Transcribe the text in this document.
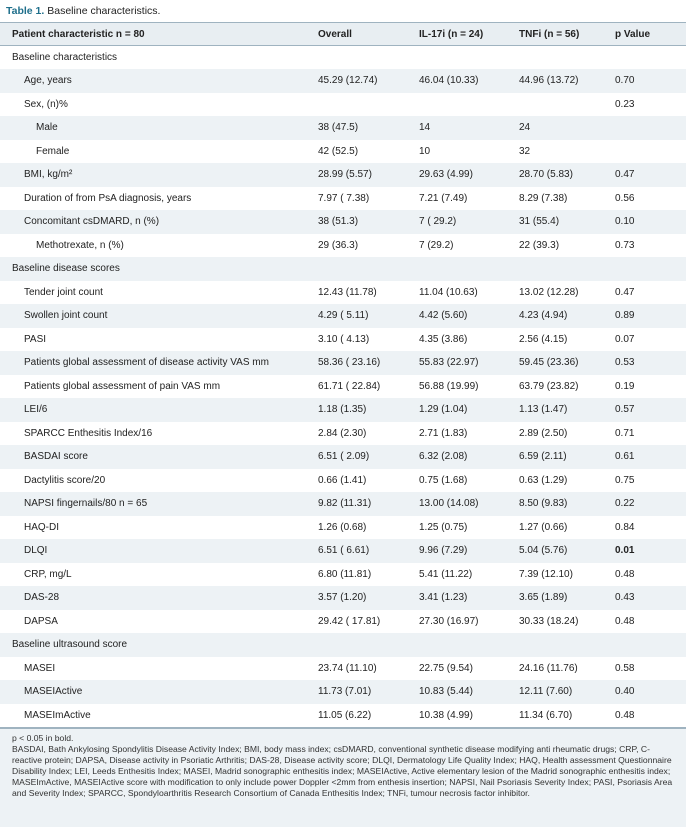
Table 1. Baseline characteristics.
Patient characteristic n = 80	Overall	IL-17i (n = 24)	TNFi (n = 56)	p Value
Baseline characteristics				
Age, years	45.29 (12.74)	46.04 (10.33)	44.96 (13.72)	0.70
Sex, (n)%				0.23
Male	38 (47.5)	14	24	
Female	42 (52.5)	10	32	
BMI, kg/m²	28.99 (5.57)	29.63 (4.99)	28.70 (5.83)	0.47
Duration of from PsA diagnosis, years	7.97 ( 7.38)	7.21 (7.49)	8.29 (7.38)	0.56
Concomitant csDMARD, n (%)	38 (51.3)	7 ( 29.2)	31 (55.4)	0.10
Methotrexate, n (%)	29 (36.3)	7 (29.2)	22 (39.3)	0.73
Baseline disease scores				
Tender joint count	12.43 (11.78)	11.04 (10.63)	13.02 (12.28)	0.47
Swollen joint count	4.29 ( 5.11)	4.42 (5.60)	4.23 (4.94)	0.89
PASI	3.10 ( 4.13)	4.35 (3.86)	2.56 (4.15)	0.07
Patients global assessment of disease activity VAS mm	58.36 ( 23.16)	55.83 (22.97)	59.45 (23.36)	0.53
Patients global assessment of pain VAS mm	61.71 ( 22.84)	56.88 (19.99)	63.79 (23.82)	0.19
LEI/6	1.18 (1.35)	1.29 (1.04)	1.13 (1.47)	0.57
SPARCC Enthesitis Index/16	2.84 (2.30)	2.71 (1.83)	2.89 (2.50)	0.71
BASDAI score	6.51 ( 2.09)	6.32 (2.08)	6.59 (2.11)	0.61
Dactylitis score/20	0.66 (1.41)	0.75 (1.68)	0.63 (1.29)	0.75
NAPSI fingernails/80 n = 65	9.82 (11.31)	13.00 (14.08)	8.50 (9.83)	0.22
HAQ-DI	1.26 (0.68)	1.25 (0.75)	1.27 (0.66)	0.84
DLQI	6.51 ( 6.61)	9.96 (7.29)	5.04 (5.76)	0.01
CRP, mg/L	6.80 (11.81)	5.41 (11.22)	7.39 (12.10)	0.48
DAS-28	3.57 (1.20)	3.41 (1.23)	3.65 (1.89)	0.43
DAPSA	29.42 ( 17.81)	27.30 (16.97)	30.33 (18.24)	0.48
Baseline ultrasound score				
MASEI	23.74 (11.10)	22.75 (9.54)	24.16 (11.76)	0.58
MASEIActive	11.73 (7.01)	10.83 (5.44)	12.11 (7.60)	0.40
MASEImActive	11.05 (6.22)	10.38 (4.99)	11.34 (6.70)	0.48

p < 0.05 in bold.

BASDAI, Bath Ankylosing Spondylitis Disease Activity Index; BMI, body mass index; csDMARD, conventional synthetic disease modifying anti rheumatic drugs; CRP, C-reactive protein; DAPSA, Disease activity in Psoriatic Arthritis; DAS-28, Disease activity score; DLQI, Dermatology Life Quality Index; HAQ, Health assessment Questionnaire Disability Index; LEI, Leeds Enthesitis Index; MASEI, Madrid sonographic enthesitis index; MASEIActive, Active elementary lesion of the Madrid sonographic enthesitis index; MASEImActive, MASEIActive score with modification to only include power Doppler <2mm from enthesis insertion; NAPSI, Nail Psoriasis Severity Index; PASI, Psoriasis Area and Severity Index; SPARCC, Spondyloarthritis Research Consortium of Canada Enthesitis Index; TNFi, tumour necrosis factor inhibitor.
